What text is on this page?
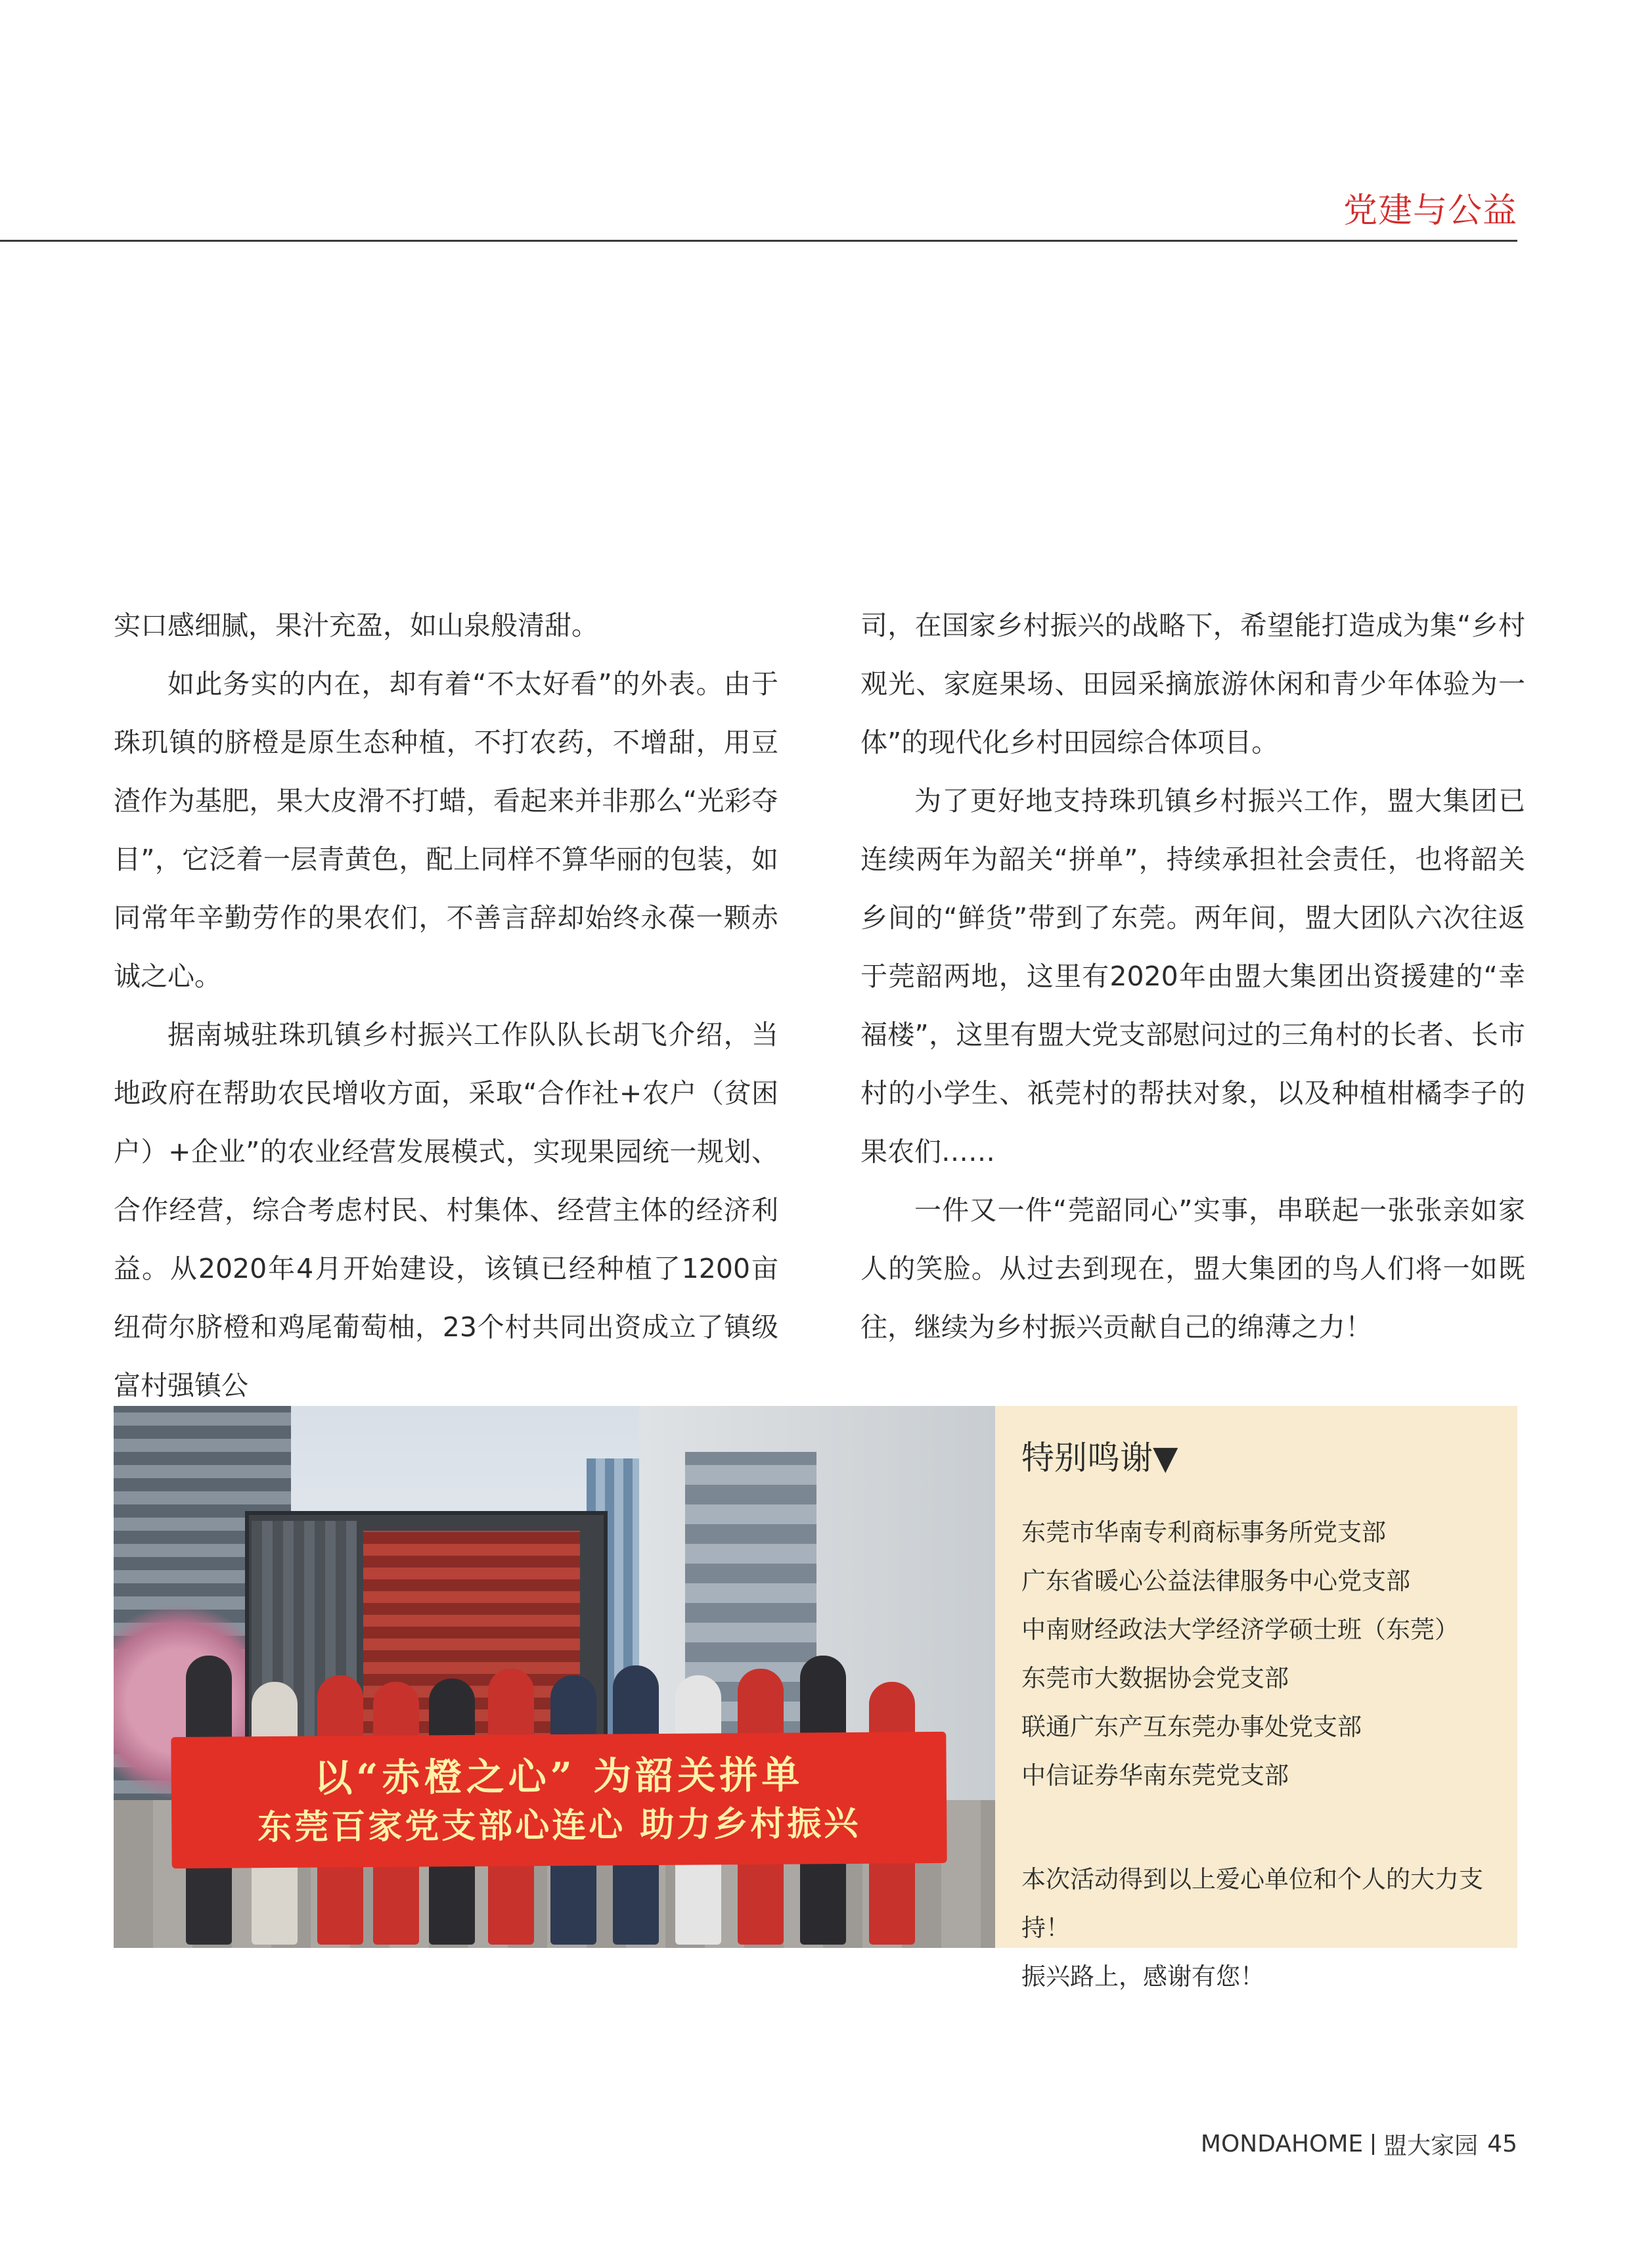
党建与公益

实口感细腻，果汁充盈，如山泉般清甜。

如此务实的内在，却有着“不太好看”的外表。由于珠玑镇的脐橙是原生态种植，不打农药，不增甜，用豆渣作为基肥，果大皮滑不打蜡，看起来并非那么“光彩夺目”，它泛着一层青黄色，配上同样不算华丽的包装，如同常年辛勤劳作的果农们，不善言辞却始终永葆一颗赤诚之心。

据南城驻珠玑镇乡村振兴工作队队长胡飞介绍，当地政府在帮助农民增收方面，采取“合作社+农户（贫困户）+企业”的农业经营发展模式，实现果园统一规划、合作经营，综合考虑村民、村集体、经营主体的经济利益。从2020年4月开始建设，该镇已经种植了1200亩纽荷尔脐橙和鸡尾葡萄柚，23个村共同出资成立了镇级富村强镇公

司，在国家乡村振兴的战略下，希望能打造成为集“乡村观光、家庭果场、田园采摘旅游休闲和青少年体验为一体”的现代化乡村田园综合体项目。

为了更好地支持珠玑镇乡村振兴工作，盟大集团已连续两年为韶关“拼单”，持续承担社会责任，也将韶关乡间的“鲜货”带到了东莞。两年间，盟大团队六次往返于莞韶两地，这里有2020年由盟大集团出资援建的“幸福楼”，这里有盟大党支部慰问过的三角村的长者、长市村的小学生、祇莞村的帮扶对象，以及种植柑橘李子的果农们……

一件又一件“莞韶同心”实事，串联起一张张亲如家人的笑脸。从过去到现在，盟大集团的鸟人们将一如既往，继续为乡村振兴贡献自己的绵薄之力！

以“赤橙之心” 为韶关拼单
东莞百家党支部心连心 助力乡村振兴
特别鸣谢▼
东莞市华南专利商标事务所党支部
广东省暖心公益法律服务中心党支部
中南财经政法大学经济学硕士班（东莞）
东莞市大数据协会党支部
联通广东产互东莞办事处党支部
中信证券华南东莞党支部

本次活动得到以上爱心单位和个人的大力支持！

振兴路上，感谢有您！

MONDAHOME 盟大家园 45
